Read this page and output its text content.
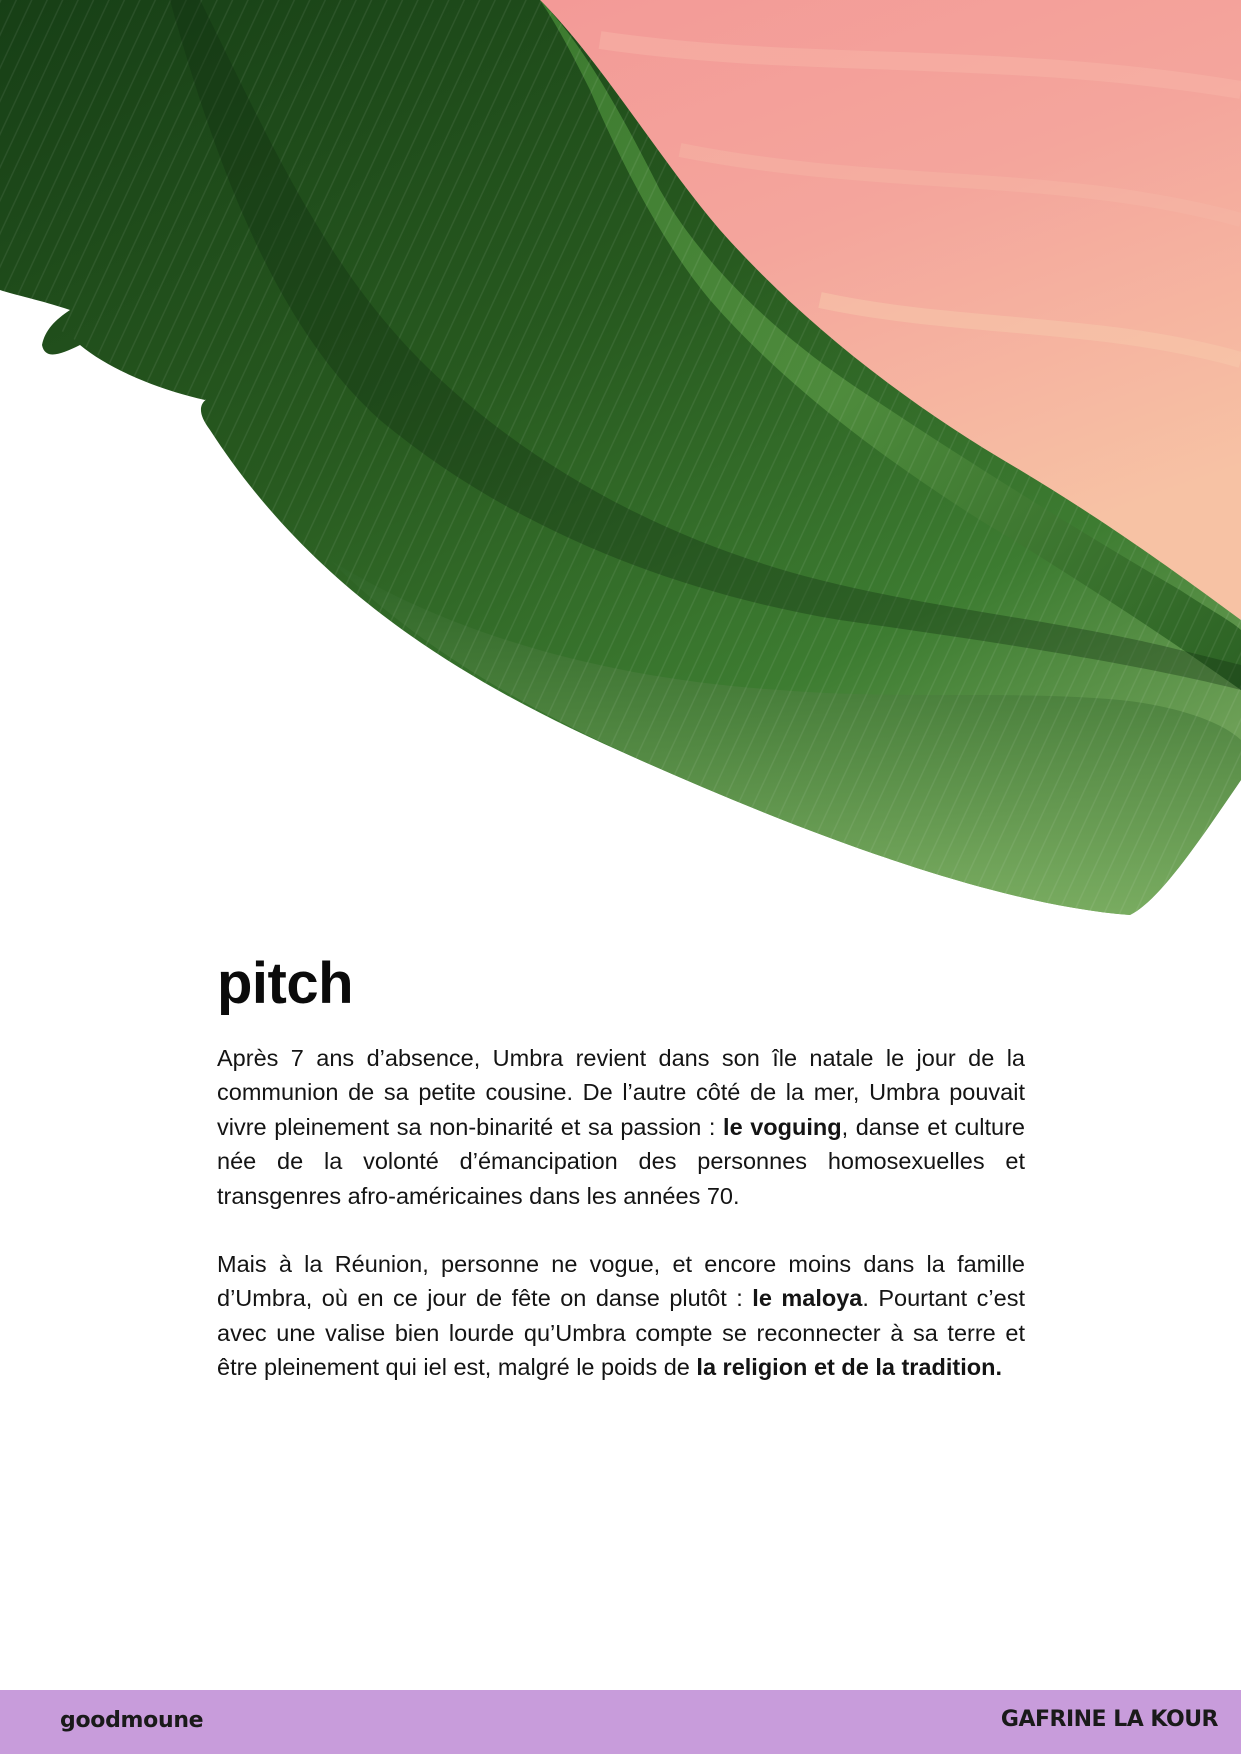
pitch

Après 7 ans d’absence, Umbra revient dans son île natale le jour de la communion de sa petite cousine. De l’autre côté de la mer, Umbra pouvait vivre pleinement sa non-binarité et sa passion : le voguing, danse et culture née de la volonté d’émancipation des personnes homosexuelles et transgenres afro-américaines dans les années 70.

Mais à la Réunion, personne ne vogue, et encore moins dans la famille d’Umbra, où en ce jour de fête on danse plutôt : le maloya. Pourtant c’est avec une valise bien lourde qu’Umbra compte se reconnecter à sa terre et être pleinement qui iel est, malgré le poids de la religion et de la tradition.

goodmoune	GAFRINE LA KOUR
